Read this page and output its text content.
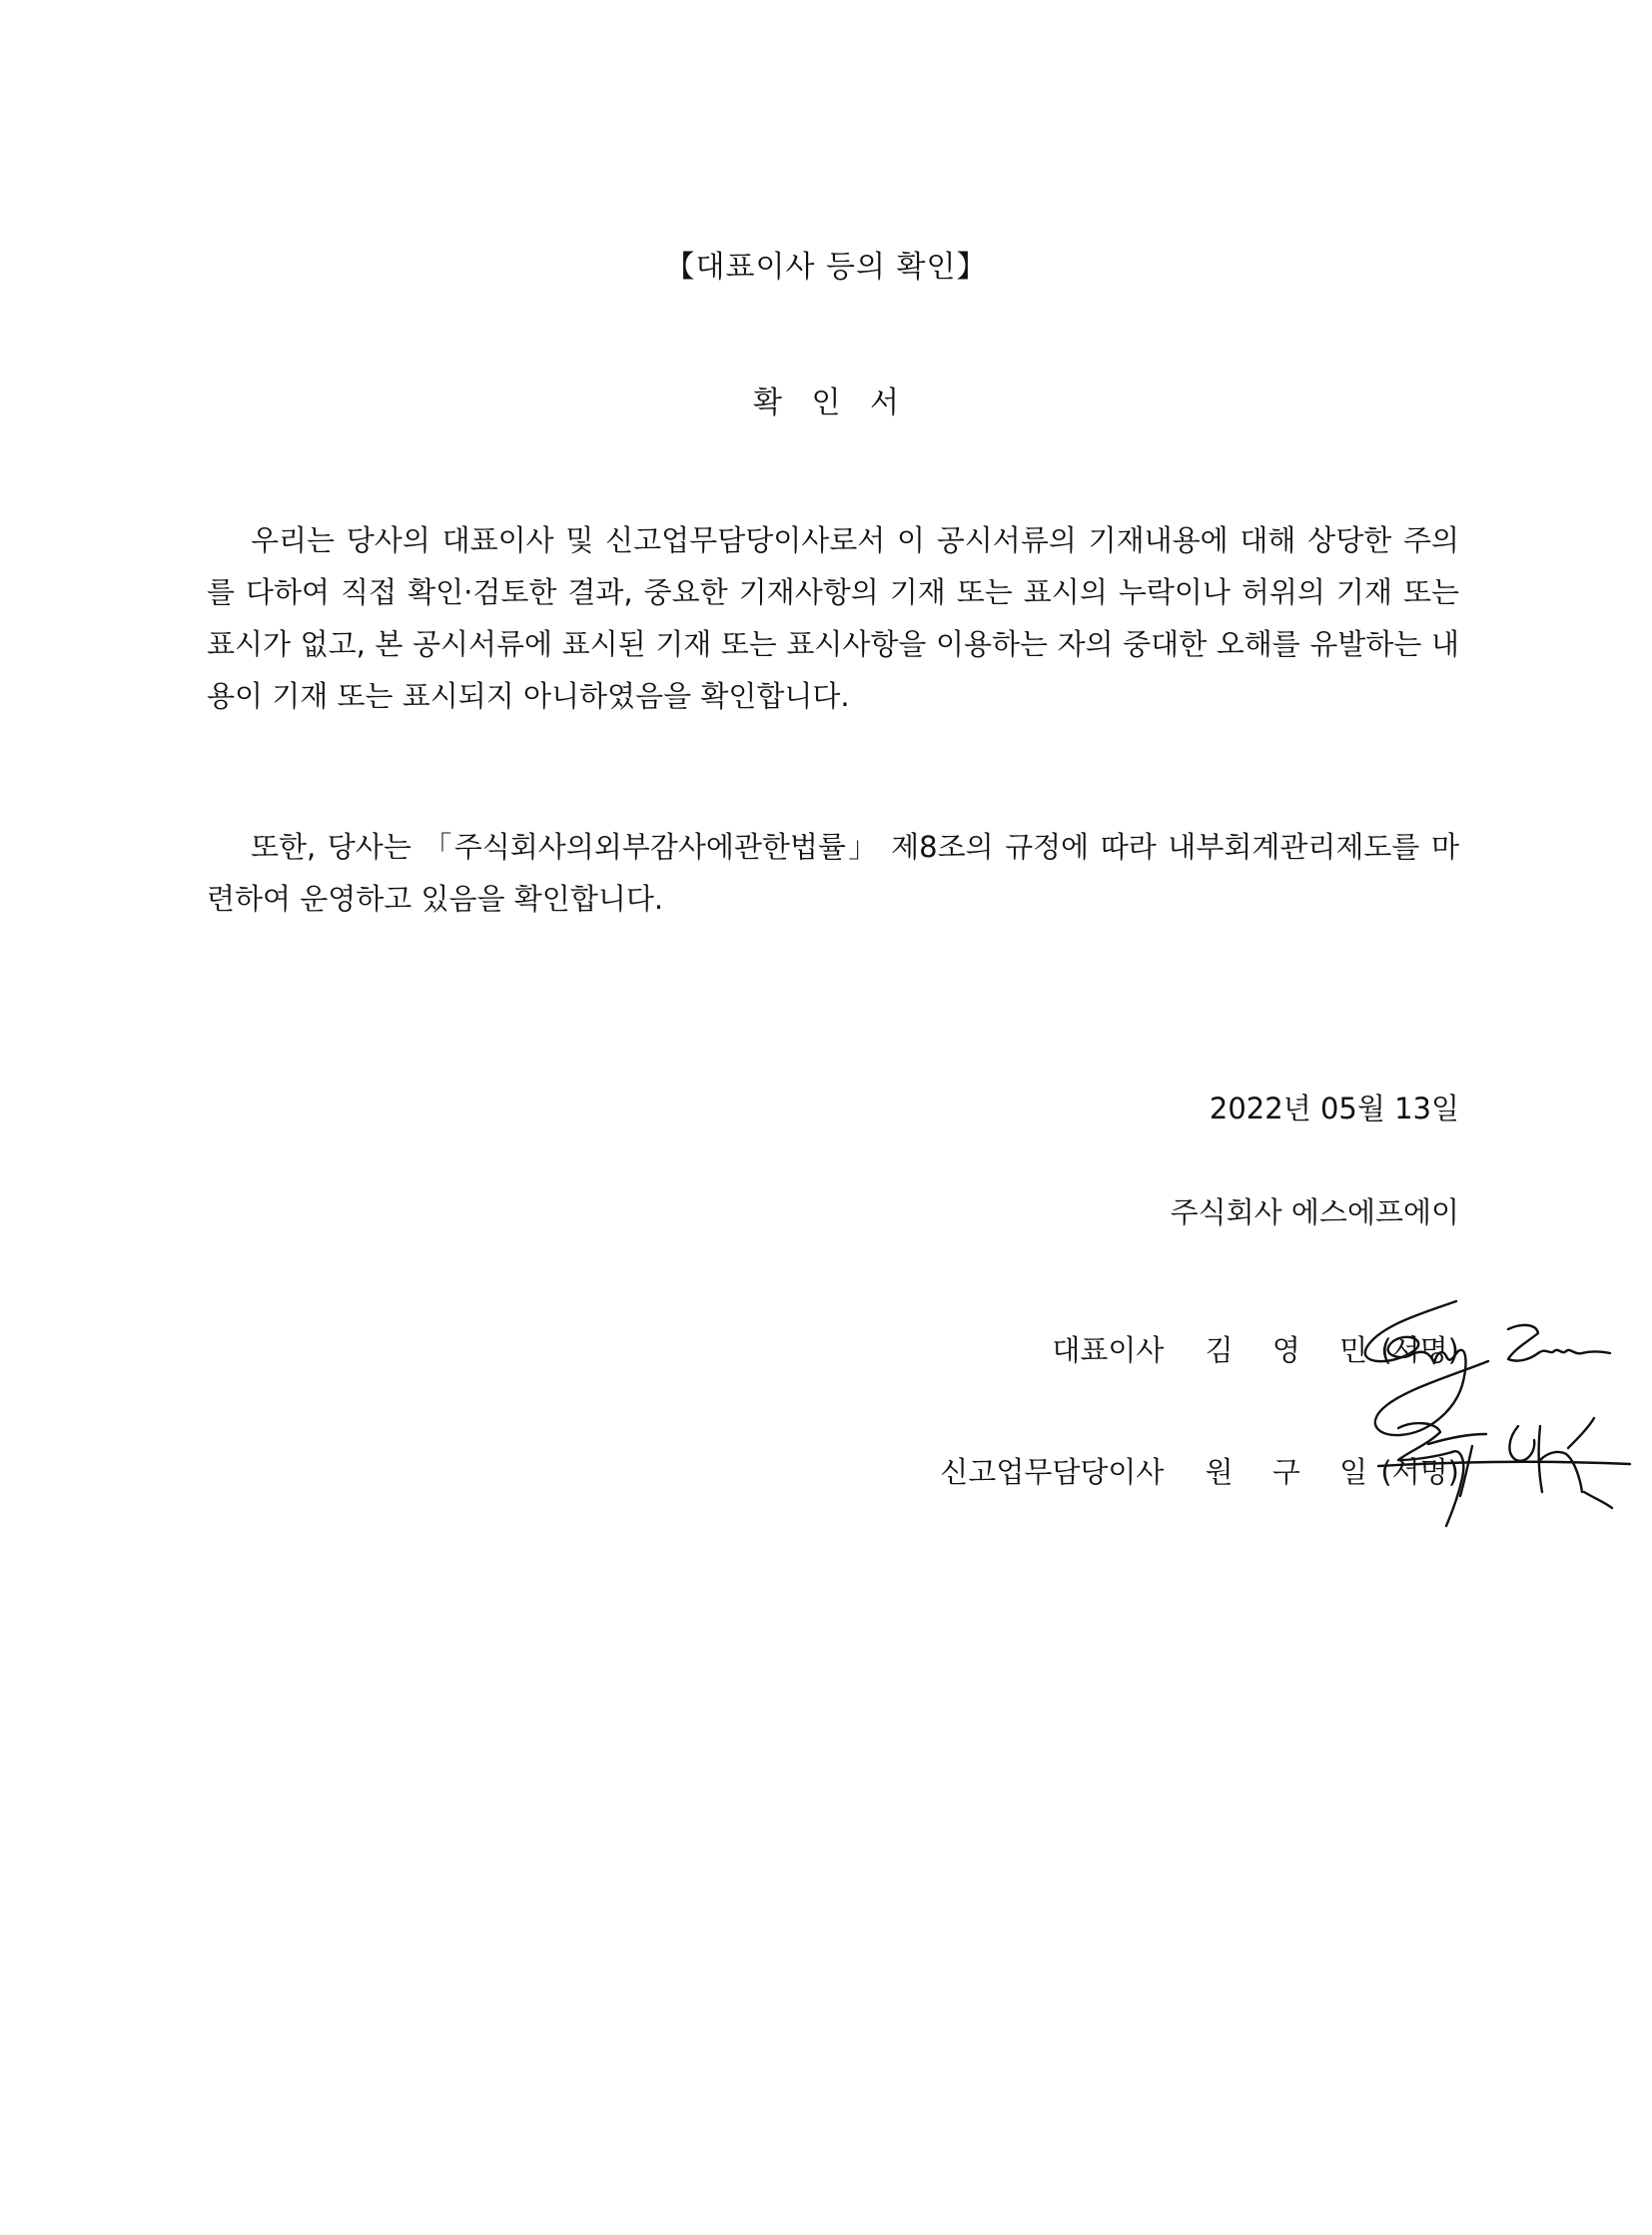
【대표이사 등의 확인】
확 인 서

우리는 당사의 대표이사 및 신고업무담당이사로서 이 공시서류의 기재내용에 대해 상당한 주의를 다하여 직접 확인·검토한 결과, 중요한 기재사항의 기재 또는 표시의 누락이나 허위의 기재 또는 표시가 없고, 본 공시서류에 표시된 기재 또는 표시사항을 이용하는 자의 중대한 오해를 유발하는 내용이 기재 또는 표시되지 아니하였음을 확인합니다.

또한, 당사는 「주식회사의외부감사에관한법률」 제8조의 규정에 따라 내부회계관리제도를 마련하여 운영하고 있음을 확인합니다.

2022년 05월 13일
주식회사 에스에프에이
대표이사 김 영 민 (서명)
신고업무담당이사 원 구 일 (서명)
